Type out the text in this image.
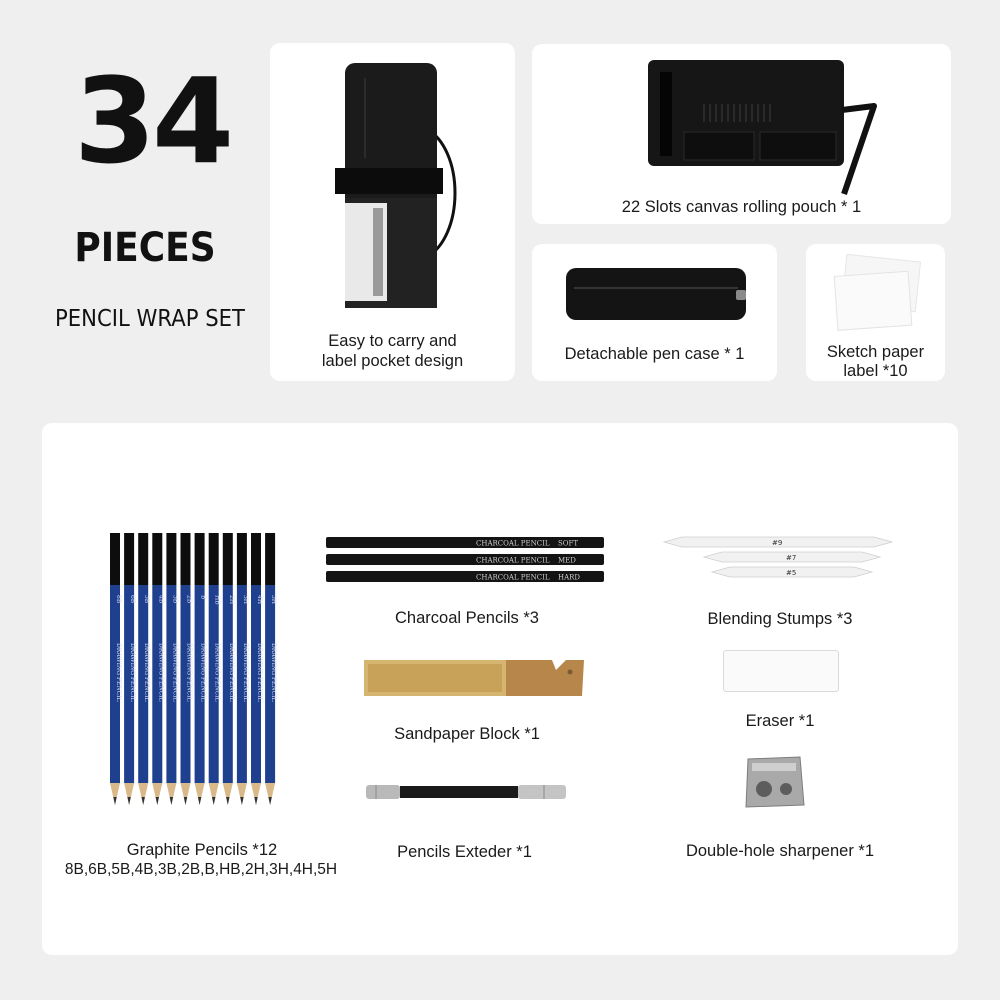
34
PIECES
PENCIL WRAP SET
Easy to carry and
label pocket design
22 Slots canvas rolling pouch * 1
Detachable pen case * 1	Sketch paper
label *10
8B
DRAWING PENCIL
6B
DRAWING PENCIL
5B
DRAWING PENCIL
4B
DRAWING PENCIL
3B
DRAWING PENCIL
2B
DRAWING PENCIL
B
DRAWING PENCIL
HB
DRAWING PENCIL
2H
DRAWING PENCIL
3H
DRAWING PENCIL
4H
DRAWING PENCIL
5H
DRAWING PENCIL
Graphite Pencils *12
8B,6B,5B,4B,3B,2B,B,HB,2H,3H,4H,5H
CHARCOAL PENCIL SOFT
CHARCOAL PENCIL MED
CHARCOAL PENCIL HARD
Charcoal Pencils *3
Sandpaper Block *1
Pencils Exteder *1
#9
#7
#5
Blending Stumps *3
Eraser *1
Double-hole sharpener *1
